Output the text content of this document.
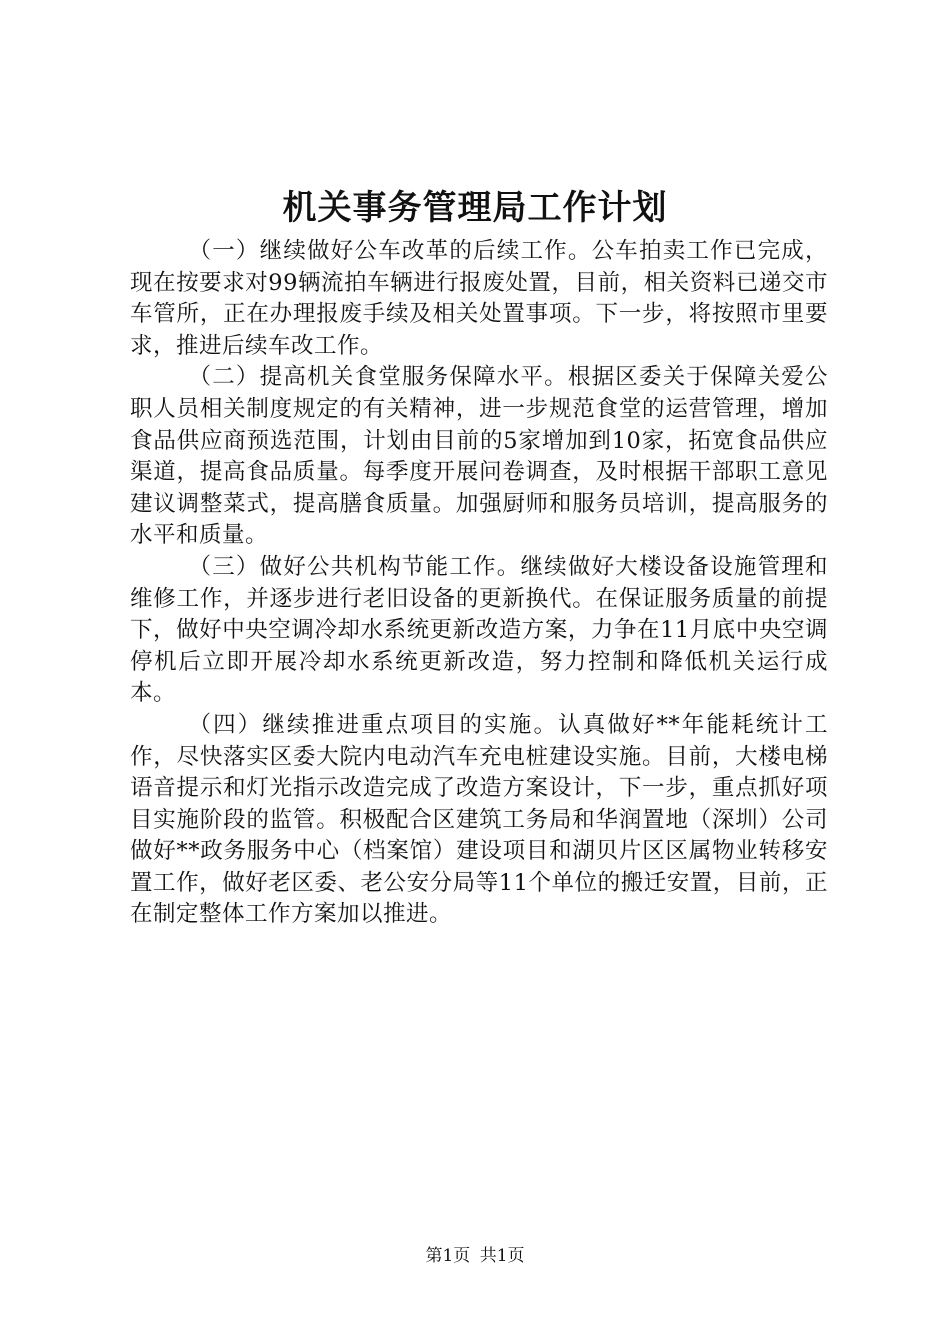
机关事务管理局工作计划

（一）继续做好公车改革的后续工作。公车拍卖工作已完成，现在按要求对99辆流拍车辆进行报废处置，目前，相关资料已递交市车管所，正在办理报废手续及相关处置事项。下一步，将按照市里要求，推进后续车改工作。

（二）提高机关食堂服务保障水平。根据区委关于保障关爱公职人员相关制度规定的有关精神，进一步规范食堂的运营管理，增加食品供应商预选范围，计划由目前的5家增加到10家，拓宽食品供应渠道，提高食品质量。每季度开展问卷调查，及时根据干部职工意见建议调整菜式，提高膳食质量。加强厨师和服务员培训，提高服务的水平和质量。

（三）做好公共机构节能工作。继续做好大楼设备设施管理和维修工作，并逐步进行老旧设备的更新换代。在保证服务质量的前提下，做好中央空调冷却水系统更新改造方案，力争在11月底中央空调停机后立即开展冷却水系统更新改造，努力控制和降低机关运行成本。

（四）继续推进重点项目的实施。认真做好**年能耗统计工作，尽快落实区委大院内电动汽车充电桩建设实施。目前，大楼电梯语音提示和灯光指示改造完成了改造方案设计，下一步，重点抓好项目实施阶段的监管。积极配合区建筑工务局和华润置地（深圳）公司做好**政务服务中心（档案馆）建设项目和湖贝片区区属物业转移安置工作，做好老区委、老公安分局等11个单位的搬迁安置，目前，正在制定整体工作方案加以推进。

第1页 共1页
